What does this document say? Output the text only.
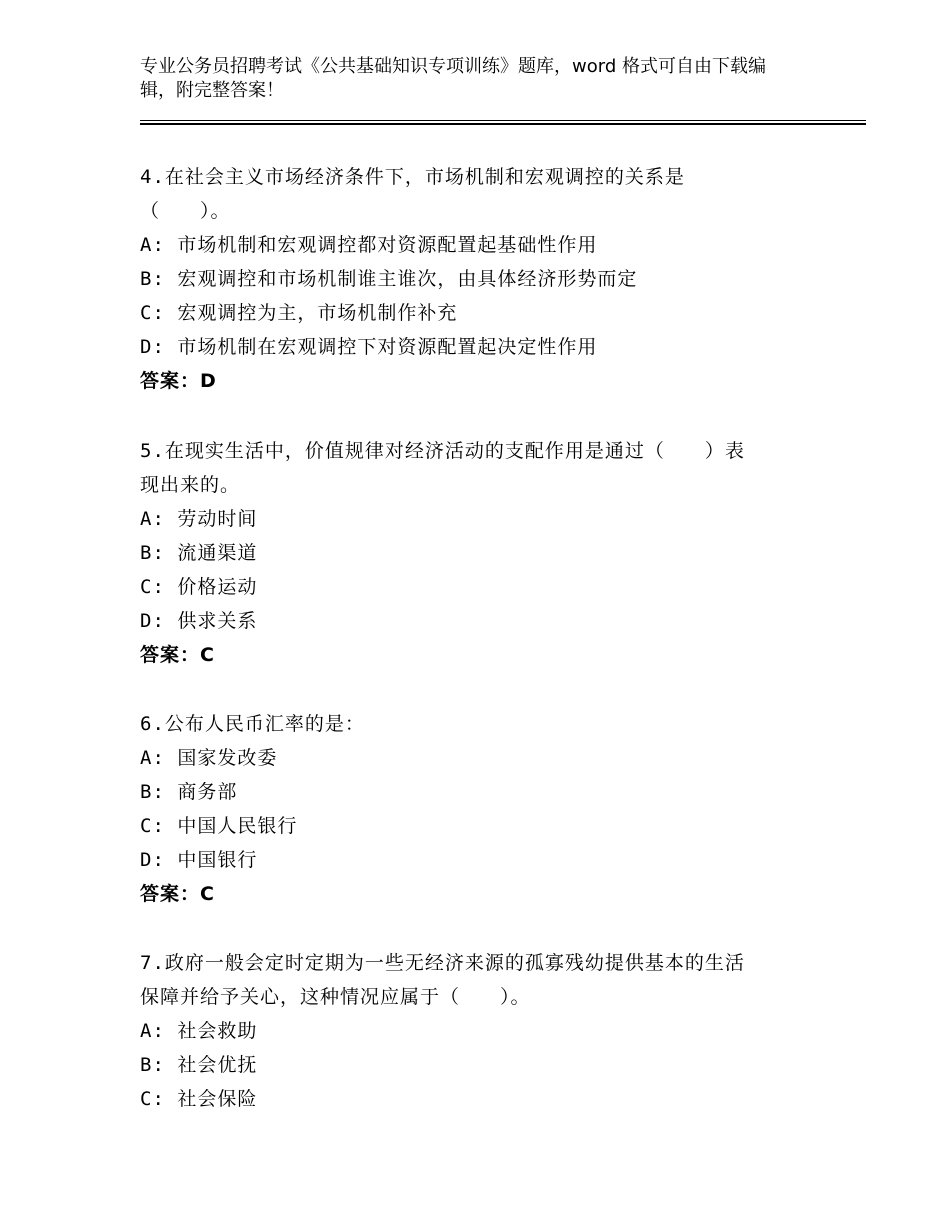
专业公务员招聘考试《公共基础知识专项训练》题库，word 格式可自由下载编
辑，附完整答案！
4.在社会主义市场经济条件下，市场机制和宏观调控的关系是
（　　）。
A: 市场机制和宏观调控都对资源配置起基础性作用
B: 宏观调控和市场机制谁主谁次，由具体经济形势而定
C: 宏观调控为主，市场机制作补充
D: 市场机制在宏观调控下对资源配置起决定性作用
答案：D
5.在现实生活中，价值规律对经济活动的支配作用是通过（　　）表
现出来的。
A: 劳动时间
B: 流通渠道
C: 价格运动
D: 供求关系
答案：C
6.公布人民币汇率的是：
A: 国家发改委
B: 商务部
C: 中国人民银行
D: 中国银行
答案：C
7.政府一般会定时定期为一些无经济来源的孤寡残幼提供基本的生活
保障并给予关心，这种情况应属于（　　）。
A: 社会救助
B: 社会优抚
C: 社会保险
